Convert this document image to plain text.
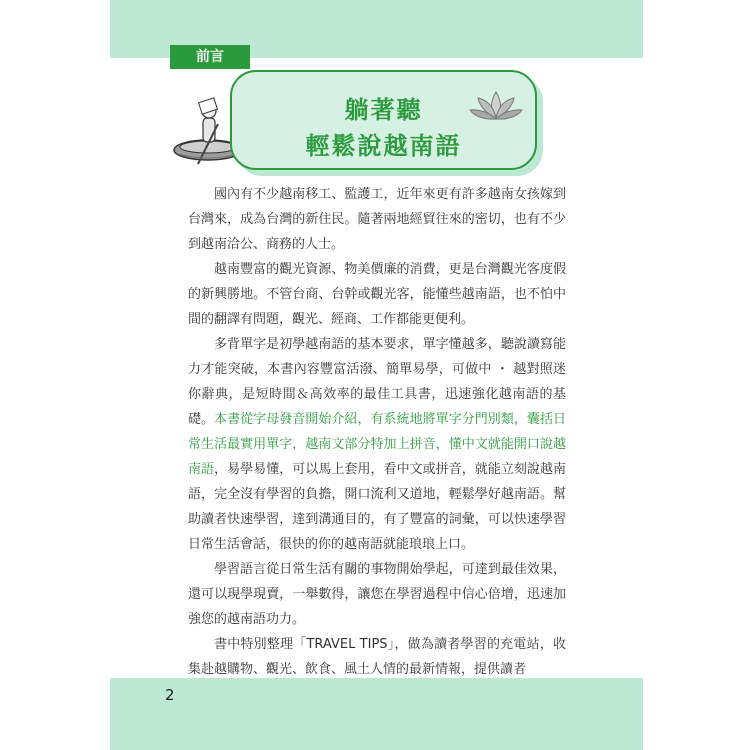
前言
躺著聽
輕鬆說越南語

國內有不少越南移工、監護工，近年來更有許多越南女孩嫁到台灣來，成為台灣的新住民。隨著兩地經貿往來的密切，也有不少到越南洽公、商務的人士。

越南豐富的觀光資源、物美價廉的消費，更是台灣觀光客度假的新興勝地。不管台商、台幹或觀光客，能懂些越南語，也不怕中間的翻譯有問題，觀光、經商、工作都能更便利。

多背單字是初學越南語的基本要求，單字懂越多，聽說讀寫能力才能突破，本書內容豐富活潑、簡單易學，可做中 ・ 越對照迷你辭典，是短時間＆高效率的最佳工具書，迅速強化越南語的基礎。本書從字母發音開始介紹，有系統地將單字分門別類，囊括日常生活最實用單字，越南文部分特加上拼音，懂中文就能開口說越南語，易學易懂，可以馬上套用，看中文或拼音，就能立刻說越南語，完全沒有學習的負擔，開口流利又道地，輕鬆學好越南語。幫助讀者快速學習，達到溝通目的，有了豐富的詞彙，可以快速學習日常生活會話，很快的你的越南語就能琅琅上口。

學習語言從日常生活有關的事物開始學起，可達到最佳效果，還可以現學現賣，一舉數得，讓您在學習過程中信心倍增，迅速加強您的越南語功力。

書中特別整理「TRAVEL TIPS」，做為讀者學習的充電站，收集赴越購物、觀光、飲食、風土人情的最新情報，提供讀者

2
